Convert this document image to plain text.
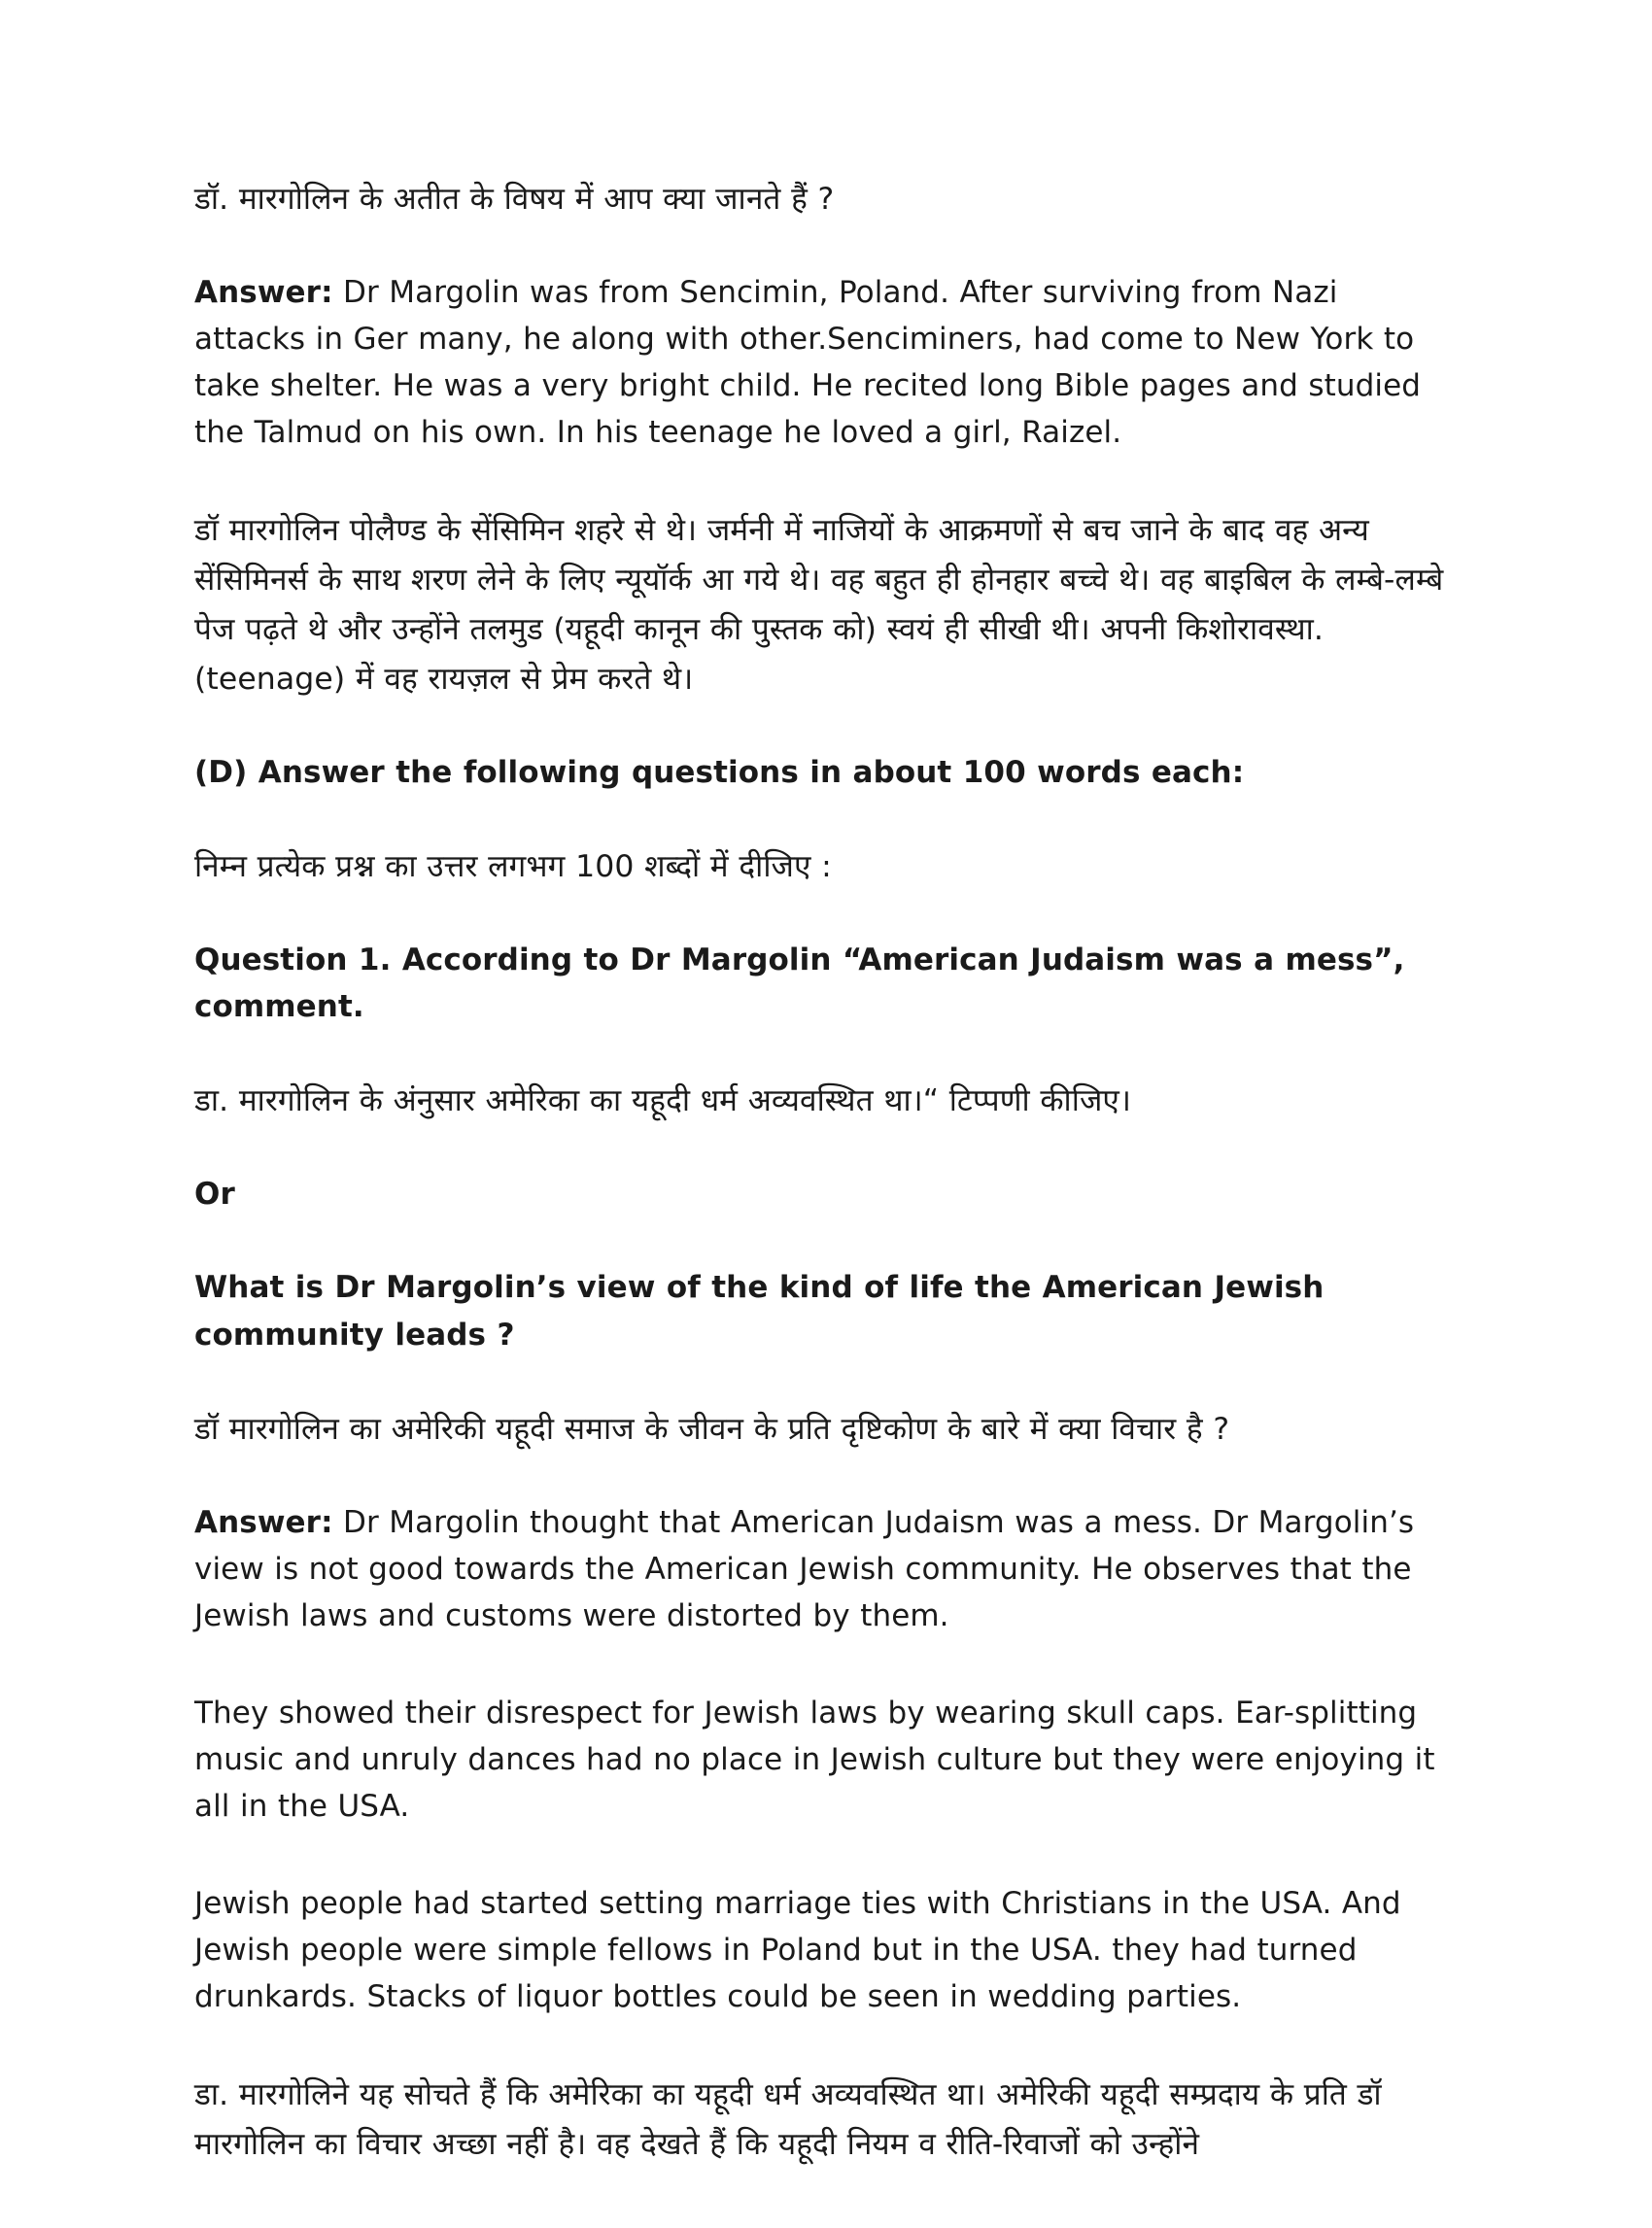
डॉ. मारगोलिन के अतीत के विषय में आप क्या जानते हैं ?

Answer: Dr Margolin was from Sencimin, Poland. After surviving from Nazi attacks in Ger many, he along with other.Senciminers, had come to New York to take shelter. He was a very bright child. He recited long Bible pages and studied the Talmud on his own. In his teenage he loved a girl, Raizel.

डॉ मारगोलिन पोलैण्ड के सेंसिमिन शहरे से थे। जर्मनी में नाजियों के आक्रमणों से बच जाने के बाद वह अन्य सेंसिमिनर्स के साथ शरण लेने के लिए न्यूयॉर्क आ गये थे। वह बहुत ही होनहार बच्चे थे। वह बाइबिल के लम्बे-लम्बे पेज पढ़ते थे और उन्होंने तलमुड (यहूदी कानून की पुस्तक को) स्वयं ही सीखी थी। अपनी किशोरावस्था. (teenage) में वह रायज़ल से प्रेम करते थे।

(D) Answer the following questions in about 100 words each:

निम्न प्रत्येक प्रश्न का उत्तर लगभग 100 शब्दों में दीजिए :

Question 1. According to Dr Margolin “American Judaism was a mess”, comment.

डा. मारगोलिन के अंनुसार अमेरिका का यहूदी धर्म अव्यवस्थित था।“ टिप्पणी कीजिए।

Or

What is Dr Margolin’s view of the kind of life the American Jewish community leads ?

डॉ मारगोलिन का अमेरिकी यहूदी समाज के जीवन के प्रति दृष्टिकोण के बारे में क्या विचार है ?

Answer: Dr Margolin thought that American Judaism was a mess. Dr Margolin’s view is not good towards the American Jewish community. He observes that the Jewish laws and customs were distorted by them.

They showed their disrespect for Jewish laws by wearing skull caps. Ear-splitting music and unruly dances had no place in Jewish culture but they were enjoying it all in the USA.

Jewish people had started setting marriage ties with Christians in the USA. And Jewish people were simple fellows in Poland but in the USA. they had turned drunkards. Stacks of liquor bottles could be seen in wedding parties.

डा. मारगोलिने यह सोचते हैं कि अमेरिका का यहूदी धर्म अव्यवस्थित था। अमेरिकी यहूदी सम्प्रदाय के प्रति डॉ मारगोलिन का विचार अच्छा नहीं है। वह देखते हैं कि यहूदी नियम व रीति-रिवाजों को उन्होंने
